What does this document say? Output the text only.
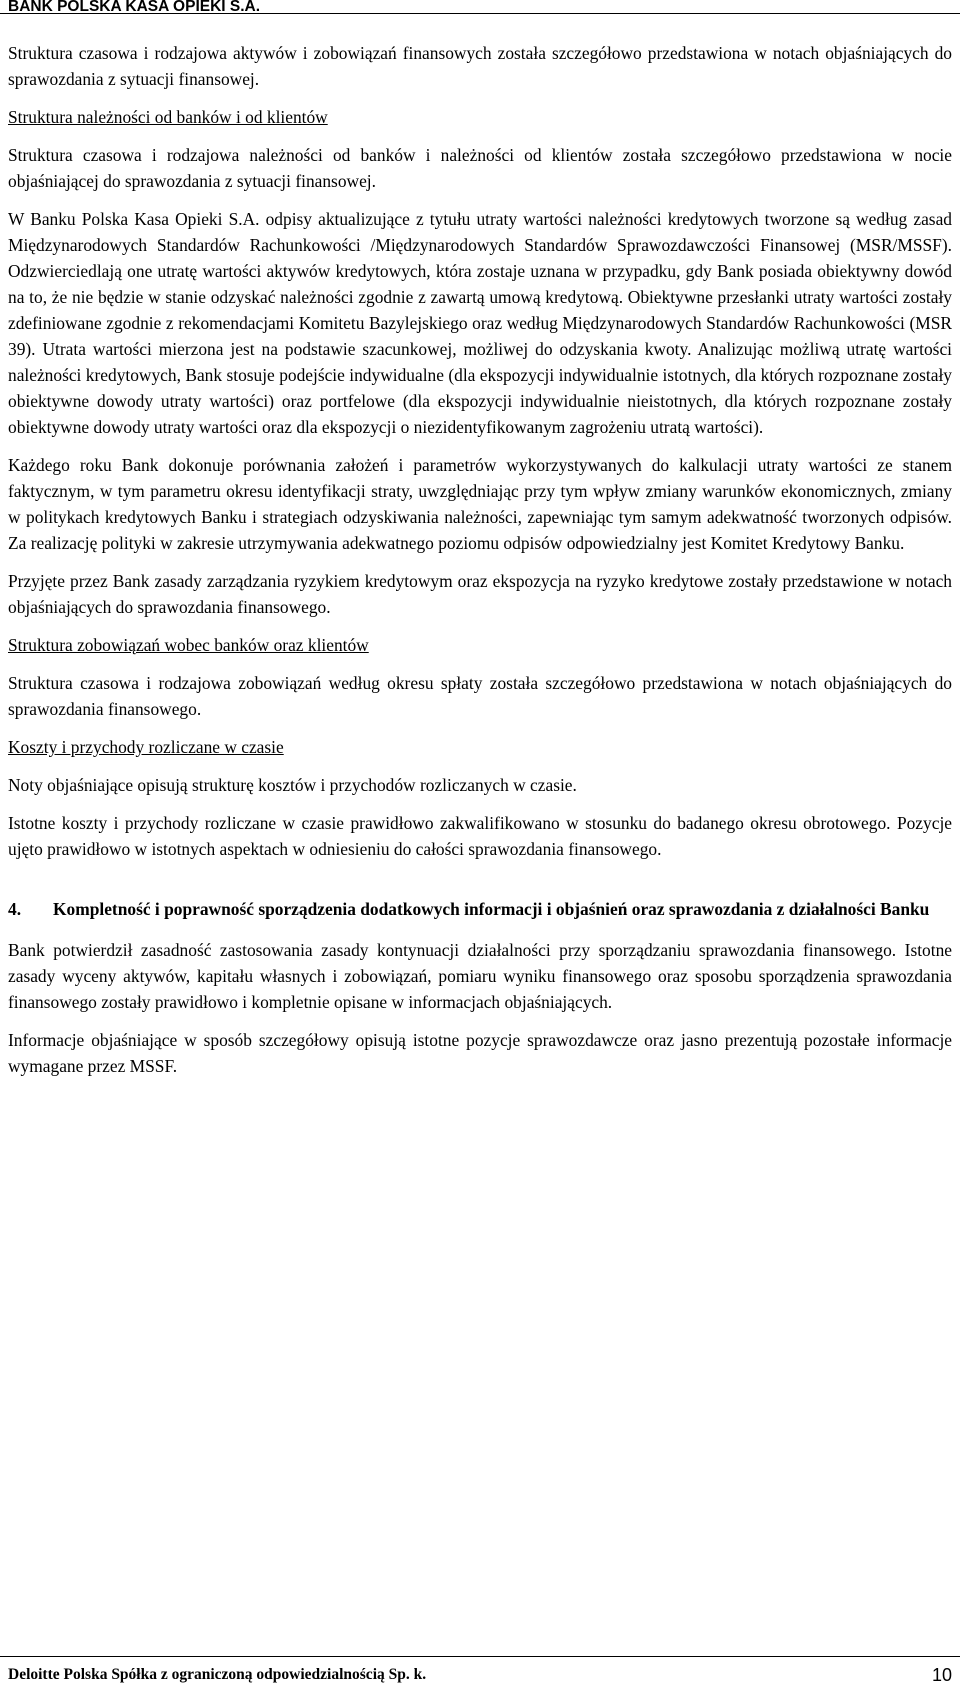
BANK POLSKA KASA OPIEKI S.A.

Struktura czasowa i rodzajowa aktywów i zobowiązań finansowych została szczegółowo przedstawiona w notach objaśniających do sprawozdania z sytuacji finansowej.

Struktura należności od banków i od klientów

Struktura czasowa i rodzajowa należności od banków i należności od klientów została szczegółowo przedstawiona w nocie objaśniającej do sprawozdania z sytuacji finansowej.

W Banku Polska Kasa Opieki S.A. odpisy aktualizujące z tytułu utraty wartości należności kredytowych tworzone są według zasad Międzynarodowych Standardów Rachunkowości /Międzynarodowych Standardów Sprawozdawczości Finansowej (MSR/MSSF). Odzwierciedlają one utratę wartości aktywów kredytowych, która zostaje uznana w przypadku, gdy Bank posiada obiektywny dowód na to, że nie będzie w stanie odzyskać należności zgodnie z zawartą umową kredytową. Obiektywne przesłanki utraty wartości zostały zdefiniowane zgodnie z rekomendacjami Komitetu Bazylejskiego oraz według Międzynarodowych Standardów Rachunkowości (MSR 39). Utrata wartości mierzona jest na podstawie szacunkowej, możliwej do odzyskania kwoty. Analizując możliwą utratę wartości należności kredytowych, Bank stosuje podejście indywidualne (dla ekspozycji indywidualnie istotnych, dla których rozpoznane zostały obiektywne dowody utraty wartości) oraz portfelowe (dla ekspozycji indywidualnie nieistotnych, dla których rozpoznane zostały obiektywne dowody utraty wartości oraz dla ekspozycji o niezidentyfikowanym zagrożeniu utratą wartości).

Każdego roku Bank dokonuje porównania założeń i parametrów wykorzystywanych do kalkulacji utraty wartości ze stanem faktycznym, w tym parametru okresu identyfikacji straty, uwzględniając przy tym wpływ zmiany warunków ekonomicznych, zmiany w politykach kredytowych Banku i strategiach odzyskiwania należności, zapewniając tym samym adekwatność tworzonych odpisów. Za realizację polityki w zakresie utrzymywania adekwatnego poziomu odpisów odpowiedzialny jest Komitet Kredytowy Banku.

Przyjęte przez Bank zasady zarządzania ryzykiem kredytowym oraz ekspozycja na ryzyko kredytowe zostały przedstawione w notach objaśniających do sprawozdania finansowego.

Struktura zobowiązań wobec banków oraz klientów

Struktura czasowa i rodzajowa zobowiązań według okresu spłaty została szczegółowo przedstawiona w notach objaśniających do sprawozdania finansowego.

Koszty i przychody rozliczane w czasie

Noty objaśniające opisują strukturę kosztów i przychodów rozliczanych w czasie.

Istotne koszty i przychody rozliczane w czasie prawidłowo zakwalifikowano w stosunku do badanego okresu obrotowego. Pozycje ujęto prawidłowo w istotnych aspektach w odniesieniu do całości sprawozdania finansowego.

4.	Kompletność i poprawność sporządzenia dodatkowych informacji i objaśnień oraz sprawozdania z działalności Banku

Bank potwierdził zasadność zastosowania zasady kontynuacji działalności przy sporządzaniu sprawozdania finansowego. Istotne zasady wyceny aktywów, kapitału własnych i zobowiązań, pomiaru wyniku finansowego oraz sposobu sporządzenia sprawozdania finansowego zostały prawidłowo i kompletnie opisane w informacjach objaśniających.

Informacje objaśniające w sposób szczegółowy opisują istotne pozycje sprawozdawcze oraz jasno prezentują pozostałe informacje wymagane przez MSSF.

Deloitte Polska Spółka z ograniczoną odpowiedzialnością Sp. k.	10
